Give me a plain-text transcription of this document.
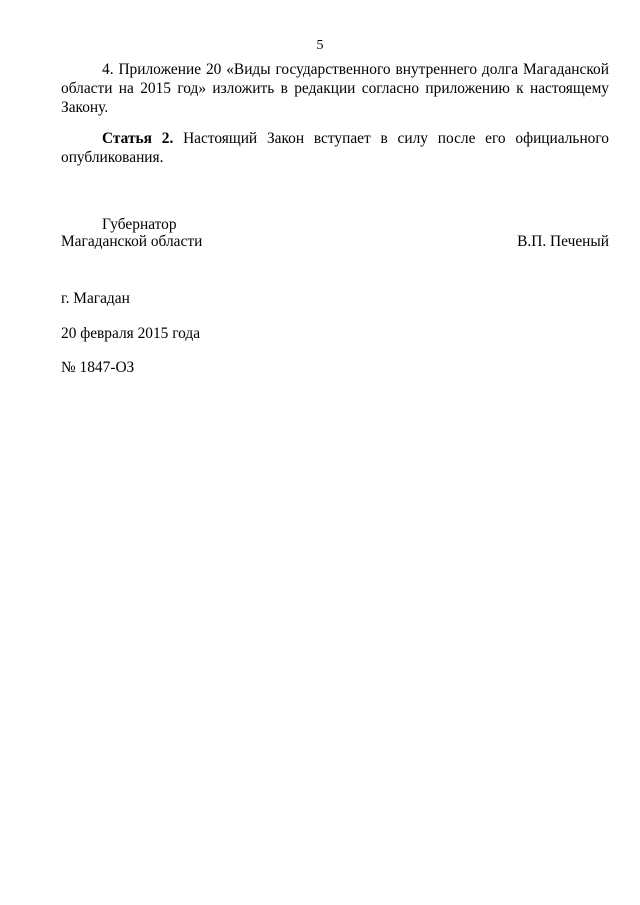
5

4. Приложение 20 «Виды государственного внутреннего долга Магаданской области на 2015 год» изложить в редакции согласно приложению к настоящему Закону.

Статья 2. Настоящий Закон вступает в силу после его официального опубликования.

Губернатор
Магаданской области	В.П. Печеный
г. Магадан
20 февраля 2015 года
№ 1847-ОЗ
